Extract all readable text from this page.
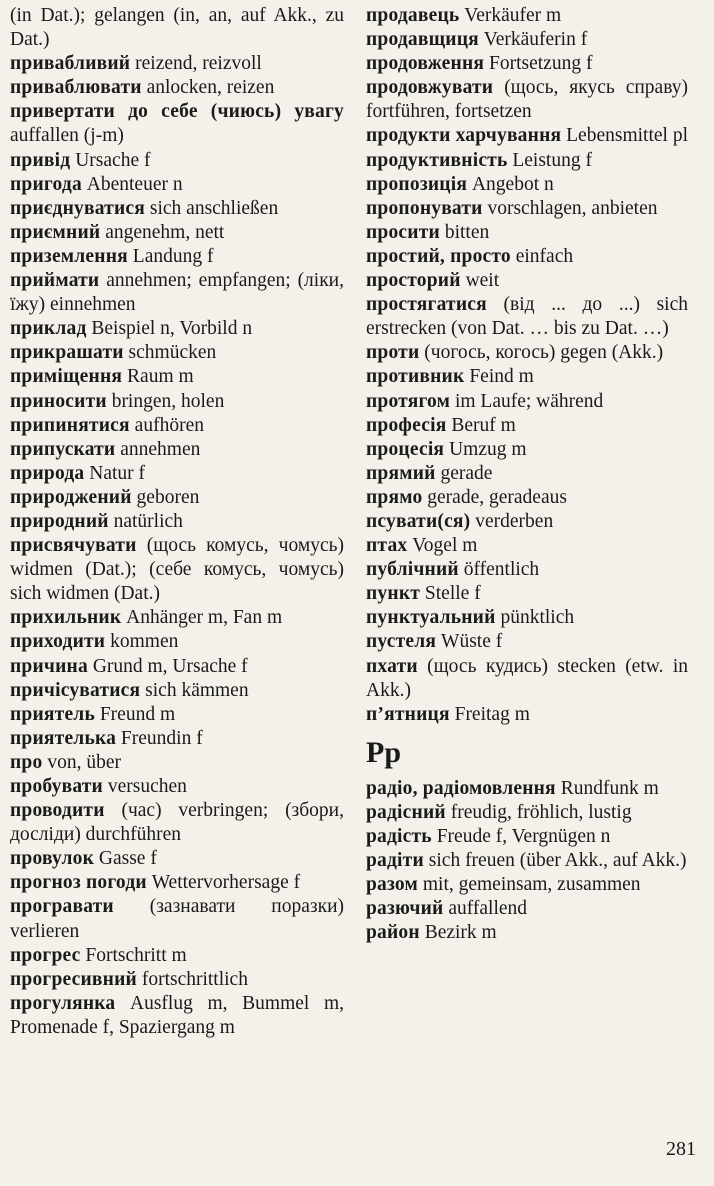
(in Dat.); gelangen (in, an, auf Akk., zu Dat.)

привабливий reizend, reizvoll

приваблювати anlocken, reizen

привертати до себе (чиюсь) увагу auffallen (j-m)

привід Ursache f

пригода Abenteuer n

приєднуватися sich anschließen

приємний angenehm, nett

приземлення Landung f

приймати annehmen; empfangen; (ліки, їжу) einnehmen

приклад Beispiel n, Vorbild n

прикрашати schmücken

приміщення Raum m

приносити bringen, holen

припинятися aufhören

припускати annehmen

природа Natur f

природжений geboren

природний natürlich

присвячувати (щось комусь, чомусь) widmen (Dat.); (себе комусь, чомусь) sich widmen (Dat.)

прихильник Anhänger m, Fan m

приходити kommen

причина Grund m, Ursache f

причісуватися sich kämmen

приятель Freund m

приятелька Freundin f

про von, über

пробувати versuchen

проводити (час) verbringen; (збори, досліди) durchführen

провулок Gasse f

прогноз погоди Wettervorhersage f

програвати (зазнавати поразки) verlieren

прогрес Fortschritt m

прогресивний fortschrittlich

прогулянка Ausflug m, Bummel m, Promenade f, Spaziergang m

продавець Verkäufer m

продавщиця Verkäuferin f

продовження Fortsetzung f

продовжувати (щось, якусь справу) fortführen, fortsetzen

продукти харчування Lebensmittel pl

продуктивність Leistung f

пропозиція Angebot n

пропонувати vorschlagen, anbieten

просити bitten

простий, просто einfach

просторий weit

простягатися (від ... до ...) sich erstrecken (von Dat. … bis zu Dat. …)

проти (чогось, когось) gegen (Akk.)

противник Feind m

протягом im Laufe; während

професія Beruf m

процесія Umzug m

прямий gerade

прямо gerade, geradeaus

псувати(ся) verderben

птах Vogel m

публічний öffentlich

пункт Stelle f

пунктуальний pünktlich

пустеля Wüste f

пхати (щось кудись) stecken (etw. in Akk.)

п’ятниця Freitag m

Рр

радіо, радіомовлення Rundfunk m

радісний freudig, fröhlich, lustig

радість Freude f, Vergnügen n

радіти sich freuen (über Akk., auf Akk.)

разом mit, gemeinsam, zusammen

разючий auffallend

район Bezirk m

281
